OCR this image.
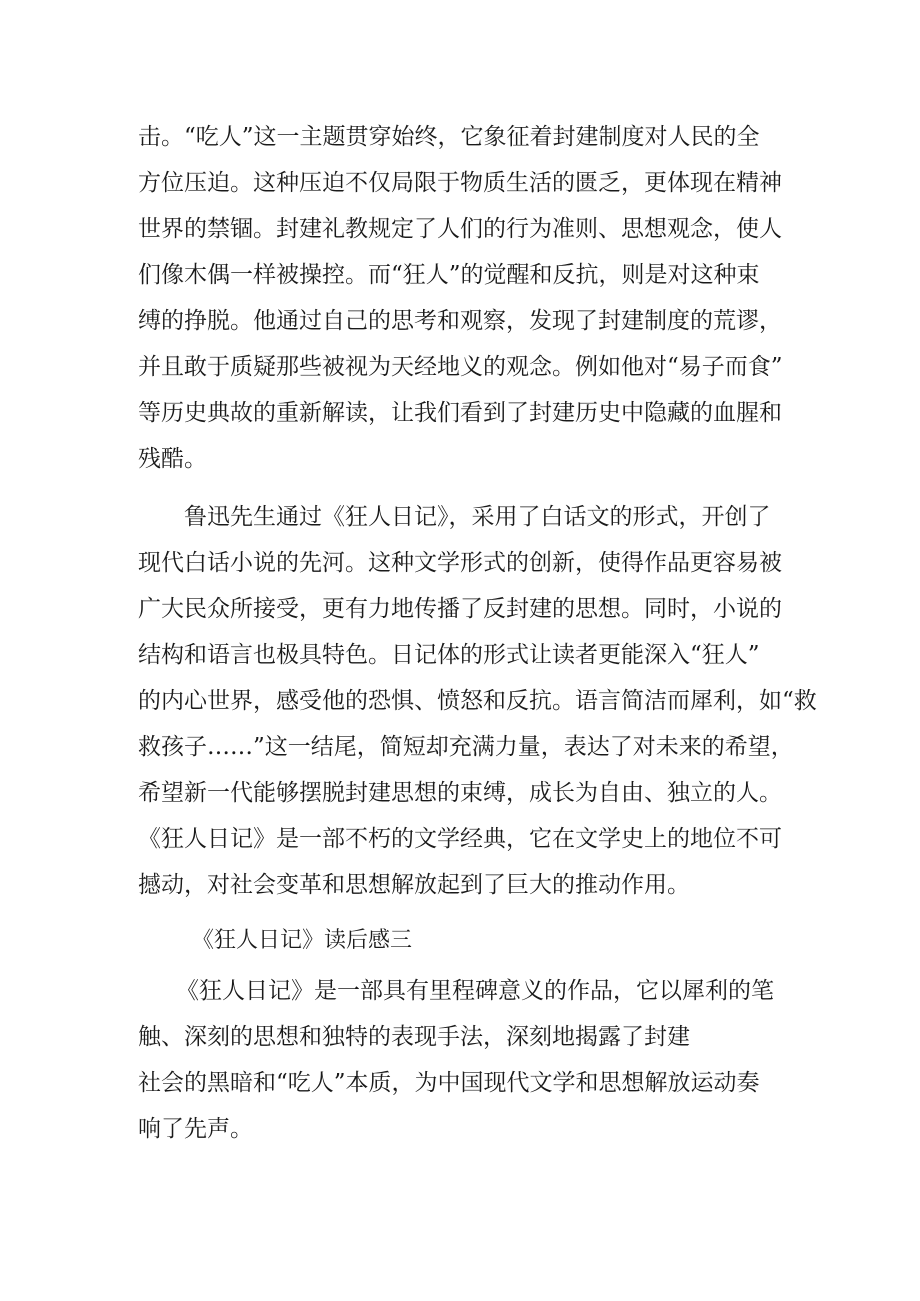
击。“吃人”这一主题贯穿始终，它象征着封建制度对人民的全
方位压迫。这种压迫不仅局限于物质生活的匮乏，更体现在精神
世界的禁锢。封建礼教规定了人们的行为准则、思想观念，使人
们像木偶一样被操控。而“狂人”的觉醒和反抗，则是对这种束
缚的挣脱。他通过自己的思考和观察，发现了封建制度的荒谬，
并且敢于质疑那些被视为天经地义的观念。例如他对“易子而食”
等历史典故的重新解读，让我们看到了封建历史中隐藏的血腥和
残酷。
鲁迅先生通过《狂人日记》，采用了白话文的形式，开创了
现代白话小说的先河。这种文学形式的创新，使得作品更容易被
广大民众所接受，更有力地传播了反封建的思想。同时，小说的
结构和语言也极具特色。日记体的形式让读者更能深入“狂人”
的内心世界，感受他的恐惧、愤怒和反抗。语言简洁而犀利，如“救
救孩子……”这一结尾，简短却充满力量，表达了对未来的希望，
希望新一代能够摆脱封建思想的束缚，成长为自由、独立的人。
《狂人日记》是一部不朽的文学经典，它在文学史上的地位不可
撼动，对社会变革和思想解放起到了巨大的推动作用。
《狂人日记》读后感三
《狂人日记》是一部具有里程碑意义的作品，它以犀利的笔
触、深刻的思想和独特的表现手法，深刻地揭露了封建
社会的黑暗和“吃人”本质，为中国现代文学和思想解放运动奏
响了先声。
